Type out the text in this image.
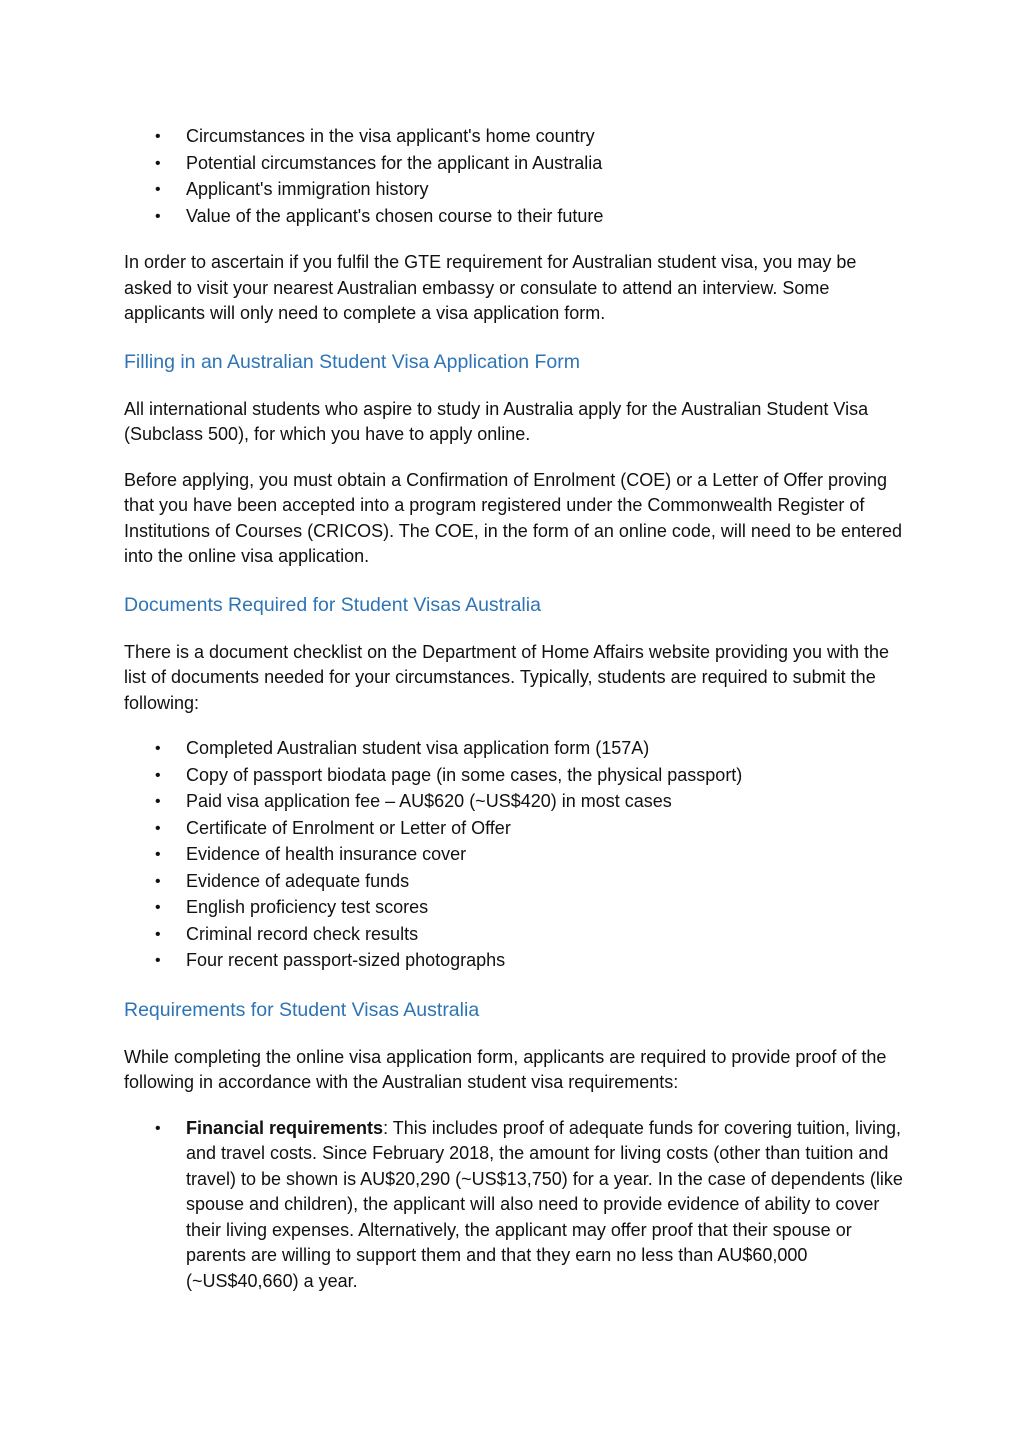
• Circumstances in the visa applicant's home country
• Potential circumstances for the applicant in Australia
• Applicant's immigration history
• Value of the applicant's chosen course to their future

In order to ascertain if you fulfil the GTE requirement for Australian student visa, you may be asked to visit your nearest Australian embassy or consulate to attend an interview. Some applicants will only need to complete a visa application form.

Filling in an Australian Student Visa Application Form

All international students who aspire to study in Australia apply for the Australian Student Visa (Subclass 500), for which you have to apply online.

Before applying, you must obtain a Confirmation of Enrolment (COE) or a Letter of Offer proving that you have been accepted into a program registered under the Commonwealth Register of Institutions of Courses (CRICOS). The COE, in the form of an online code, will need to be entered into the online visa application.

Documents Required for Student Visas Australia

There is a document checklist on the Department of Home Affairs website providing you with the list of documents needed for your circumstances. Typically, students are required to submit the following:

• Completed Australian student visa application form (157A)
• Copy of passport biodata page (in some cases, the physical passport)
• Paid visa application fee – AU$620 (~US$420) in most cases
• Certificate of Enrolment or Letter of Offer
• Evidence of health insurance cover
• Evidence of adequate funds
• English proficiency test scores
• Criminal record check results
• Four recent passport-sized photographs
Requirements for Student Visas Australia

While completing the online visa application form, applicants are required to provide proof of the following in accordance with the Australian student visa requirements:

• Financial requirements: This includes proof of adequate funds for covering tuition, living, and travel costs. Since February 2018, the amount for living costs (other than tuition and travel) to be shown is AU$20,290 (~US$13,750) for a year. In the case of dependents (like spouse and children), the applicant will also need to provide evidence of ability to cover their living expenses. Alternatively, the applicant may offer proof that their spouse or parents are willing to support them and that they earn no less than AU$60,000 (~US$40,660) a year.
